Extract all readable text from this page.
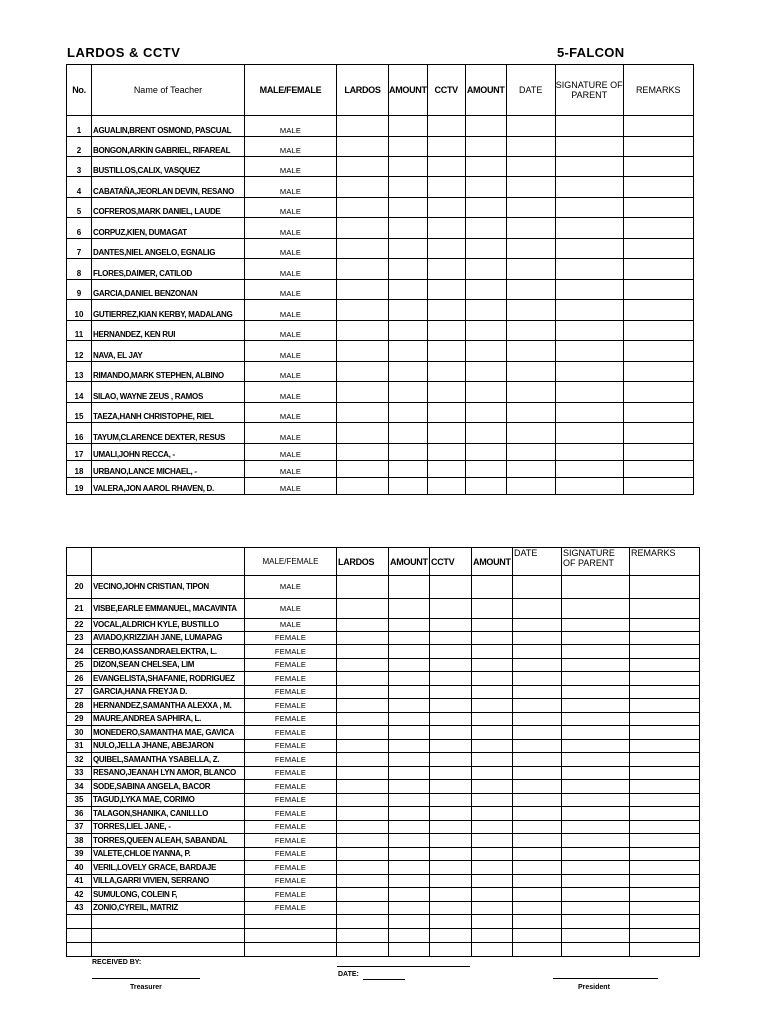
LARDOS & CCTV	5-FALCON
No.	Name of Teacher	MALE/FEMALE	LARDOS	AMOUNT	CCTV	AMOUNT	DATE	SIGNATURE OF PARENT	REMARKS
1	AGUALIN,BRENT OSMOND, PASCUAL	MALE							
2	BONGON,ARKIN GABRIEL, RIFAREAL	MALE							
3	BUSTILLOS,CALIX, VASQUEZ	MALE							
4	CABATAÑA,JEORLAN DEVIN, RESANO	MALE							
5	COFREROS,MARK DANIEL, LAUDE	MALE							
6	CORPUZ,KIEN, DUMAGAT	MALE							
7	DANTES,NIEL ANGELO, EGNALIG	MALE							
8	FLORES,DAIMER, CATILOD	MALE							
9	GARCIA,DANIEL BENZONAN	MALE							
10	GUTIERREZ,KIAN KERBY, MADALANG	MALE							
11	HERNANDEZ, KEN RUI	MALE							
12	NAVA, EL JAY	MALE							
13	RIMANDO,MARK STEPHEN, ALBINO	MALE							
14	SILAO, WAYNE ZEUS , RAMOS	MALE							
15	TAEZA,HANH CHRISTOPHE, RIEL	MALE							
16	TAYUM,CLARENCE DEXTER, RESUS	MALE							
17	UMALI,JOHN RECCA, -	MALE							
18	URBANO,LANCE MICHAEL, -	MALE							
19	VALERA,JON AAROL RHAVEN, D.	MALE							
		MALE/FEMALE	LARDOS	AMOUNT	CCTV	AMOUNT	DATE	SIGNATURE OF PARENT	REMARKS
20	VECINO,JOHN CRISTIAN, TIPON	MALE							
21	VISBE,EARLE EMMANUEL, MACAVINTA	MALE							
22	VOCAL,ALDRICH KYLE, BUSTILLO	MALE							
23	AVIADO,KRIZZIAH JANE, LUMAPAG	FEMALE							
24	CERBO,KASSANDRAELEKTRA, L.	FEMALE							
25	DIZON,SEAN CHELSEA, LIM	FEMALE							
26	EVANGELISTA,SHAFANIE, RODRIGUEZ	FEMALE							
27	GARCIA,HANA FREYJA D.	FEMALE							
28	HERNANDEZ,SAMANTHA ALEXXA , M.	FEMALE							
29	MAURE,ANDREA SAPHIRA, L.	FEMALE							
30	MONEDERO,SAMANTHA MAE, GAVICA	FEMALE							
31	NULO,JELLA JHANE, ABEJARON	FEMALE							
32	QUIBEL,SAMANTHA YSABELLA, Z.	FEMALE							
33	RESANO,JEANAH LYN AMOR, BLANCO	FEMALE							
34	SODE,SABINA ANGELA, BACOR	FEMALE							
35	TAGUD,LYKA MAE, CORIMO	FEMALE							
36	TALAGON,SHANIKA, CANILLLO	FEMALE							
37	TORRES,LIEL JANE, -	FEMALE							
38	TORRES,QUEEN ALEAH, SABANDAL	FEMALE							
39	VALETE,CHLOE IYANNA, P.	FEMALE							
40	VERIL,LOVELY GRACE, BARDAJE	FEMALE							
41	VILLA,GARRI VIVIEN, SERRANO	FEMALE							
42	SUMULONG, COLEIN F,	FEMALE							
43	ZONIO,CYREIL, MATRIZ	FEMALE							

RECEIVED BY:
Treasurer
DATE:
President
